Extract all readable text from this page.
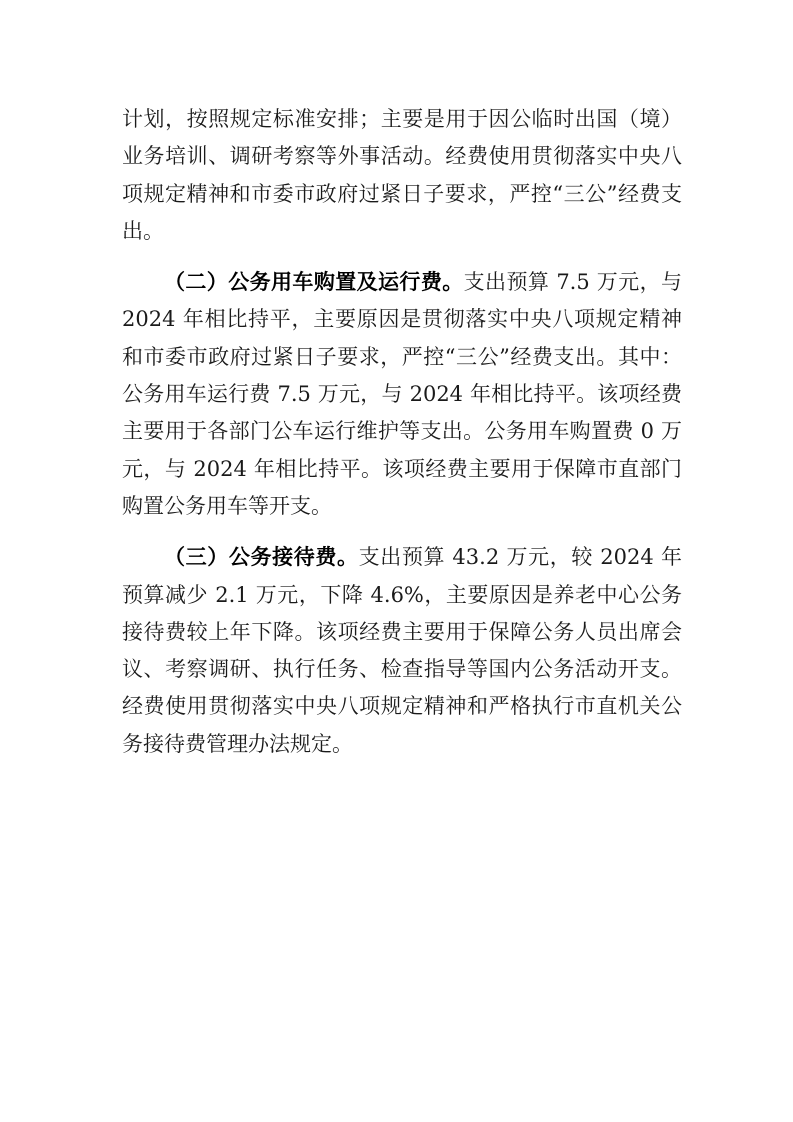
计划，按照规定标准安排；主要是用于因公临时出国（境）业务培训、调研考察等外事活动。经费使用贯彻落实中央八项规定精神和市委市政府过紧日子要求，严控“三公”经费支出。

（二）公务用车购置及运行费。支出预算 7.5 万元，与 2024 年相比持平，主要原因是贯彻落实中央八项规定精神和市委市政府过紧日子要求，严控“三公”经费支出。其中：公务用车运行费 7.5 万元，与 2024 年相比持平。该项经费主要用于各部门公车运行维护等支出。公务用车购置费 0 万元，与 2024 年相比持平。该项经费主要用于保障市直部门购置公务用车等开支。

（三）公务接待费。支出预算 43.2 万元，较 2024 年预算减少 2.1 万元，下降 4.6%，主要原因是养老中心公务接待费较上年下降。该项经费主要用于保障公务人员出席会议、考察调研、执行任务、检查指导等国内公务活动开支。经费使用贯彻落实中央八项规定精神和严格执行市直机关公务接待费管理办法规定。
